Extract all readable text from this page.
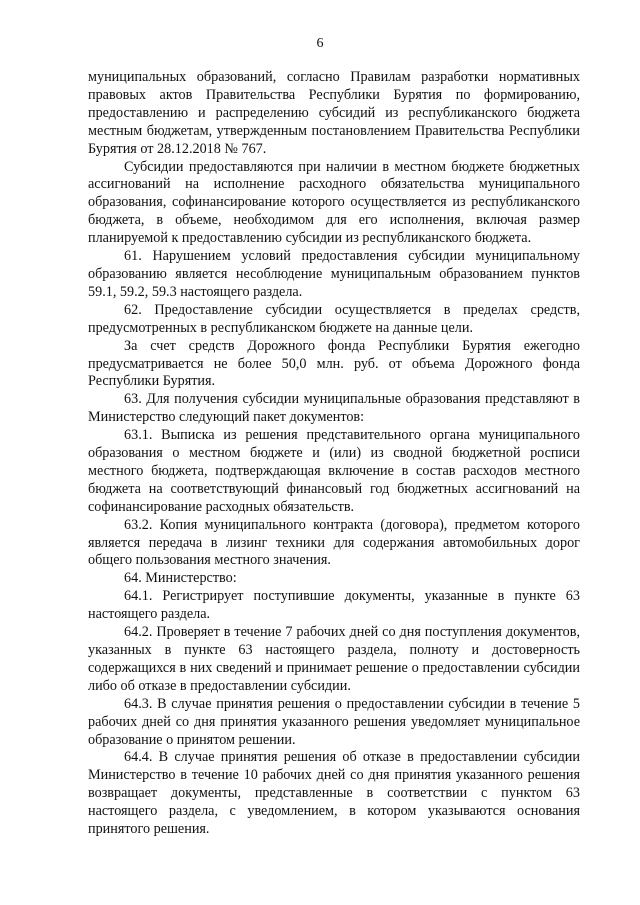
6

муниципальных образований, согласно Правилам разработки нормативных правовых актов Правительства Республики Бурятия по формированию, предоставлению и распределению субсидий из республиканского бюджета местным бюджетам, утвержденным постановлением Правительства Республики Бурятия от 28.12.2018 № 767.

Субсидии предоставляются при наличии в местном бюджете бюджетных ассигнований на исполнение расходного обязательства муниципального образования, софинансирование которого осуществляется из республиканского бюджета, в объеме, необходимом для его исполнения, включая размер планируемой к предоставлению субсидии из республиканского бюджета.

61. Нарушением условий предоставления субсидии муниципальному образованию является несоблюдение муниципальным образованием пунктов 59.1, 59.2, 59.3 настоящего раздела.

62. Предоставление субсидии осуществляется в пределах средств, предусмотренных в республиканском бюджете на данные цели.

За счет средств Дорожного фонда Республики Бурятия ежегодно предусматривается не более 50,0 млн. руб. от объема Дорожного фонда Республики Бурятия.

63. Для получения субсидии муниципальные образования представляют в Министерство следующий пакет документов:

63.1. Выписка из решения представительного органа муниципального образования о местном бюджете и (или) из сводной бюджетной росписи местного бюджета, подтверждающая включение в состав расходов местного бюджета на соответствующий финансовый год бюджетных ассигнований на софинансирование расходных обязательств.

63.2. Копия муниципального контракта (договора), предметом которого является передача в лизинг техники для содержания автомобильных дорог общего пользования местного значения.

64. Министерство:

64.1. Регистрирует поступившие документы, указанные в пункте 63 настоящего раздела.

64.2. Проверяет в течение 7 рабочих дней со дня поступления документов, указанных в пункте 63 настоящего раздела, полноту и достоверность содержащихся в них сведений и принимает решение о предоставлении субсидии либо об отказе в предоставлении субсидии.

64.3. В случае принятия решения о предоставлении субсидии в течение 5 рабочих дней со дня принятия указанного решения уведомляет муниципальное образование о принятом решении.

64.4. В случае принятия решения об отказе в предоставлении субсидии Министерство в течение 10 рабочих дней со дня принятия указанного решения возвращает документы, представленные в соответствии с пунктом 63 настоящего раздела, с уведомлением, в котором указываются основания принятого решения.
